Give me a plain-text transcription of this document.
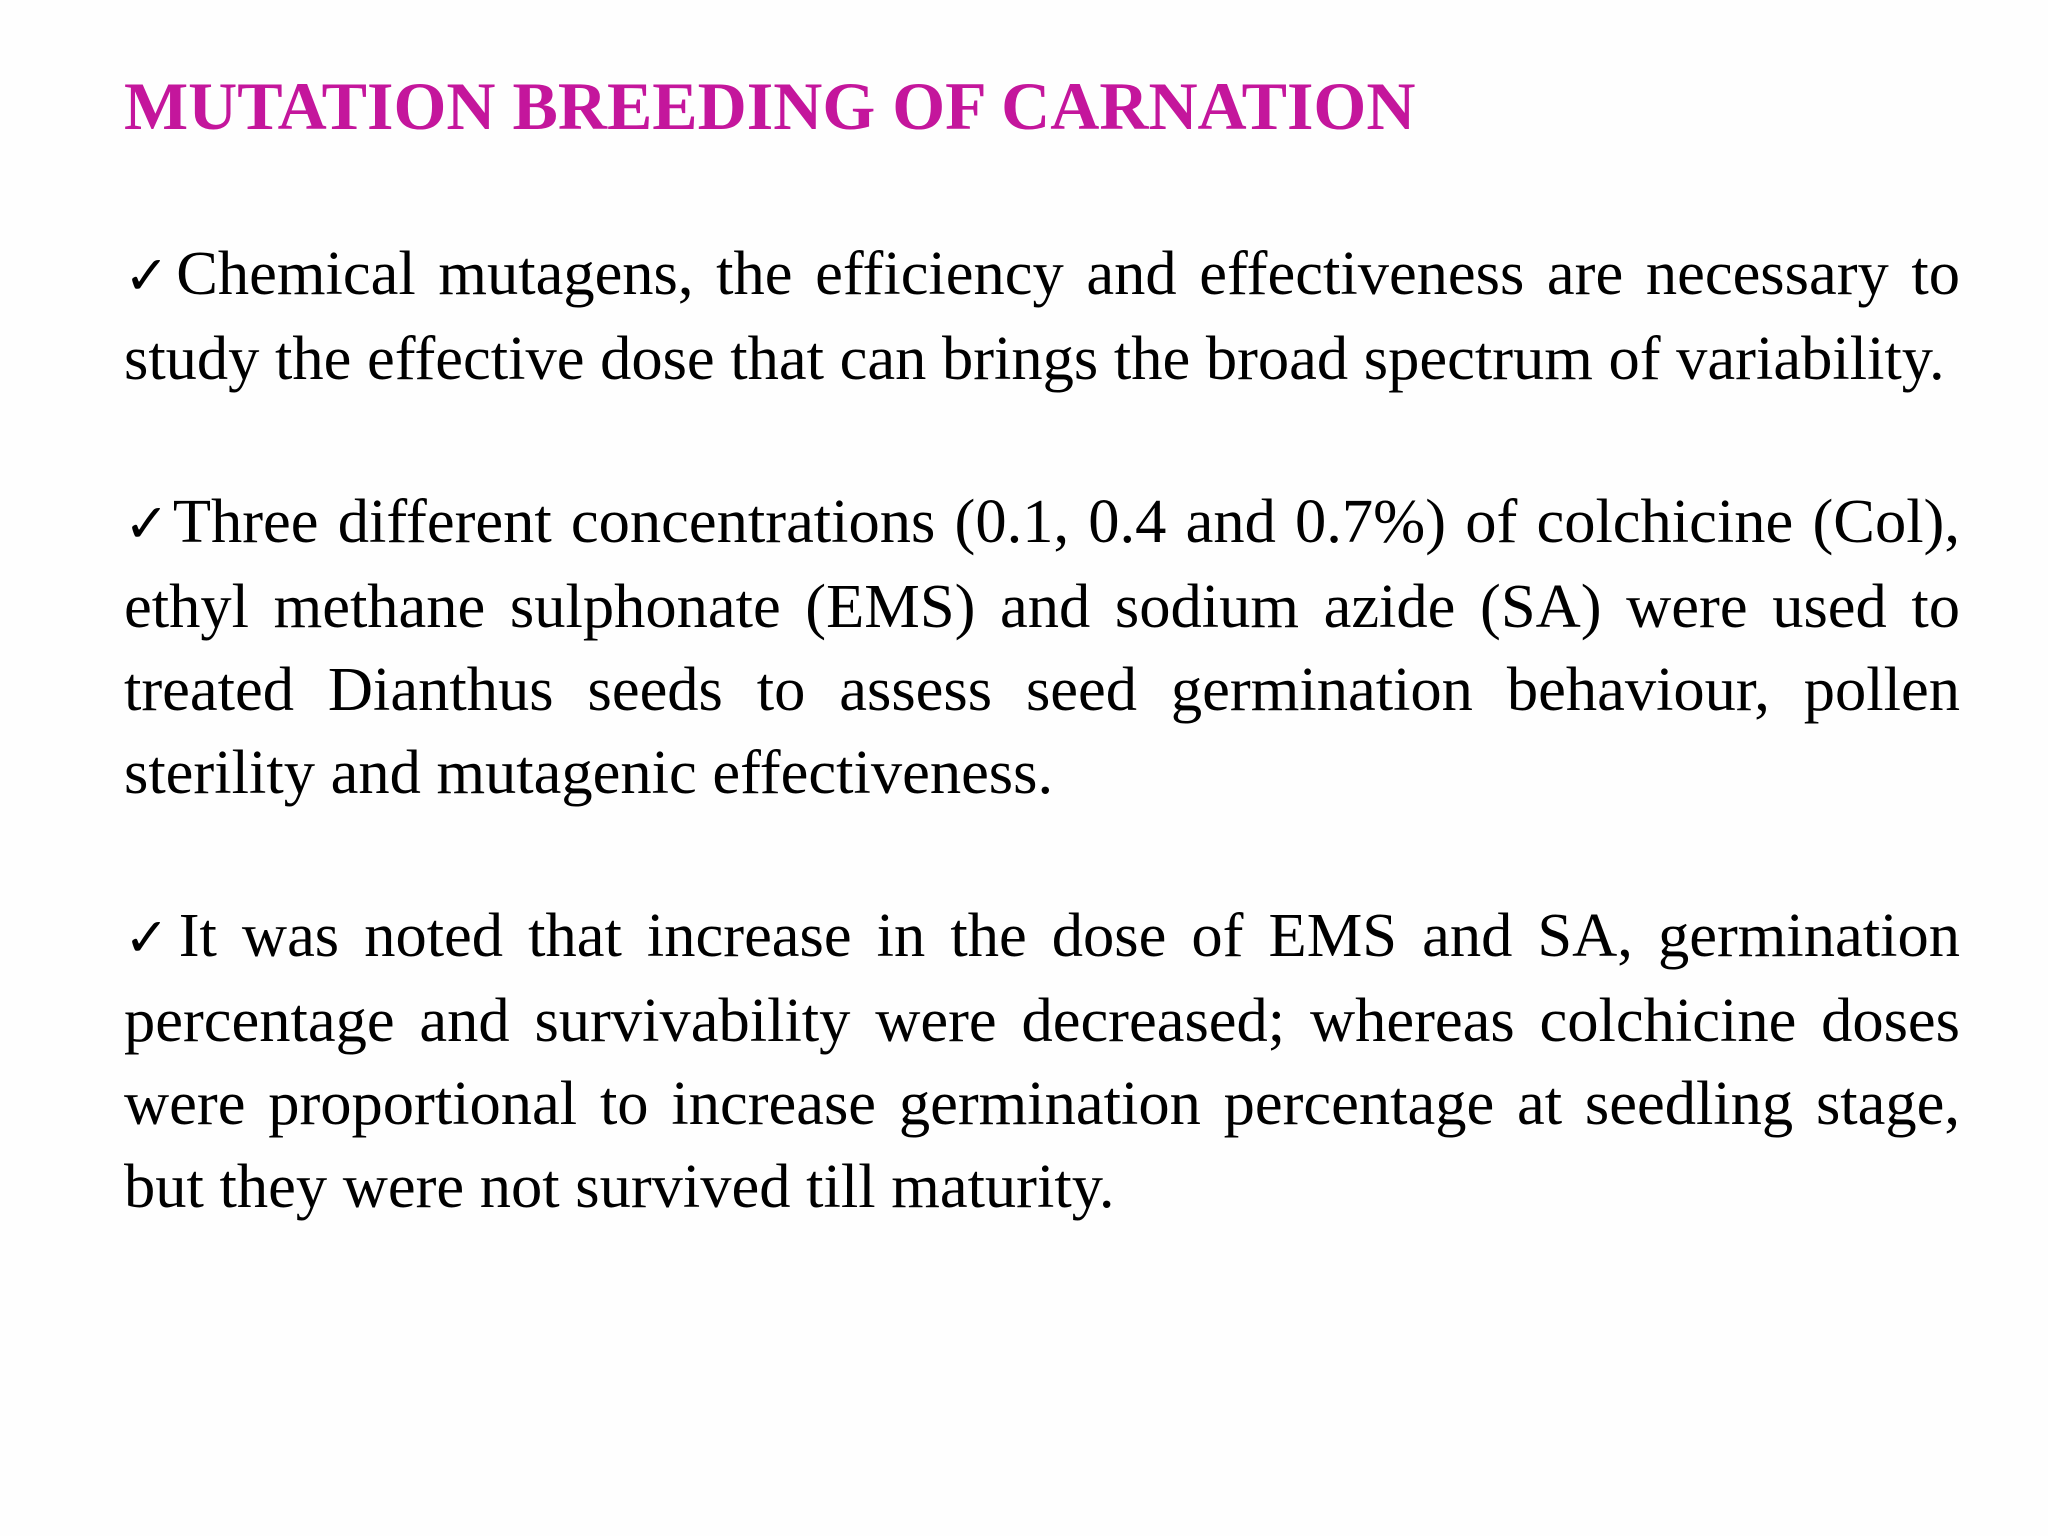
MUTATION BREEDING OF CARNATION

✓Chemical mutagens, the efficiency and effectiveness are necessary to study the effective dose that can brings the broad spectrum of variability.

✓Three different concentrations (0.1, 0.4 and 0.7%) of colchicine (Col), ethyl methane sulphonate (EMS) and sodium azide (SA) were used to treated Dianthus seeds to assess seed germination behaviour, pollen sterility and mutagenic effectiveness.

✓It was noted that increase in the dose of EMS and SA, germination percentage and survivability were decreased; whereas colchicine doses were proportional to increase germination percentage at seedling stage, but they were not survived till maturity.
